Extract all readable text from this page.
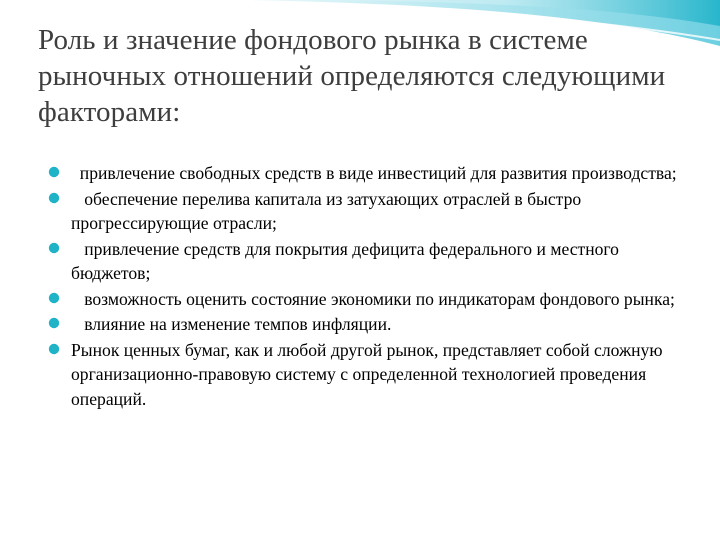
Роль и значение фондового рынка в системе рыночных отношений определяются следующими факторами:
привлечение свободных средств в виде инвестиций для развития производства;
обеспечение перелива капитала из затухающих отраслей в быстро прогрессирующие отрасли;
привлечение средств для покрытия дефицита федерального и местного бюджетов;
возможность оценить состояние экономики по индикаторам фондового рынка;
влияние на изменение темпов инфляции.
Рынок ценных бумаг, как и любой другой рынок, представляет собой сложную организационно-правовую систему с определенной технологией проведения операций.
